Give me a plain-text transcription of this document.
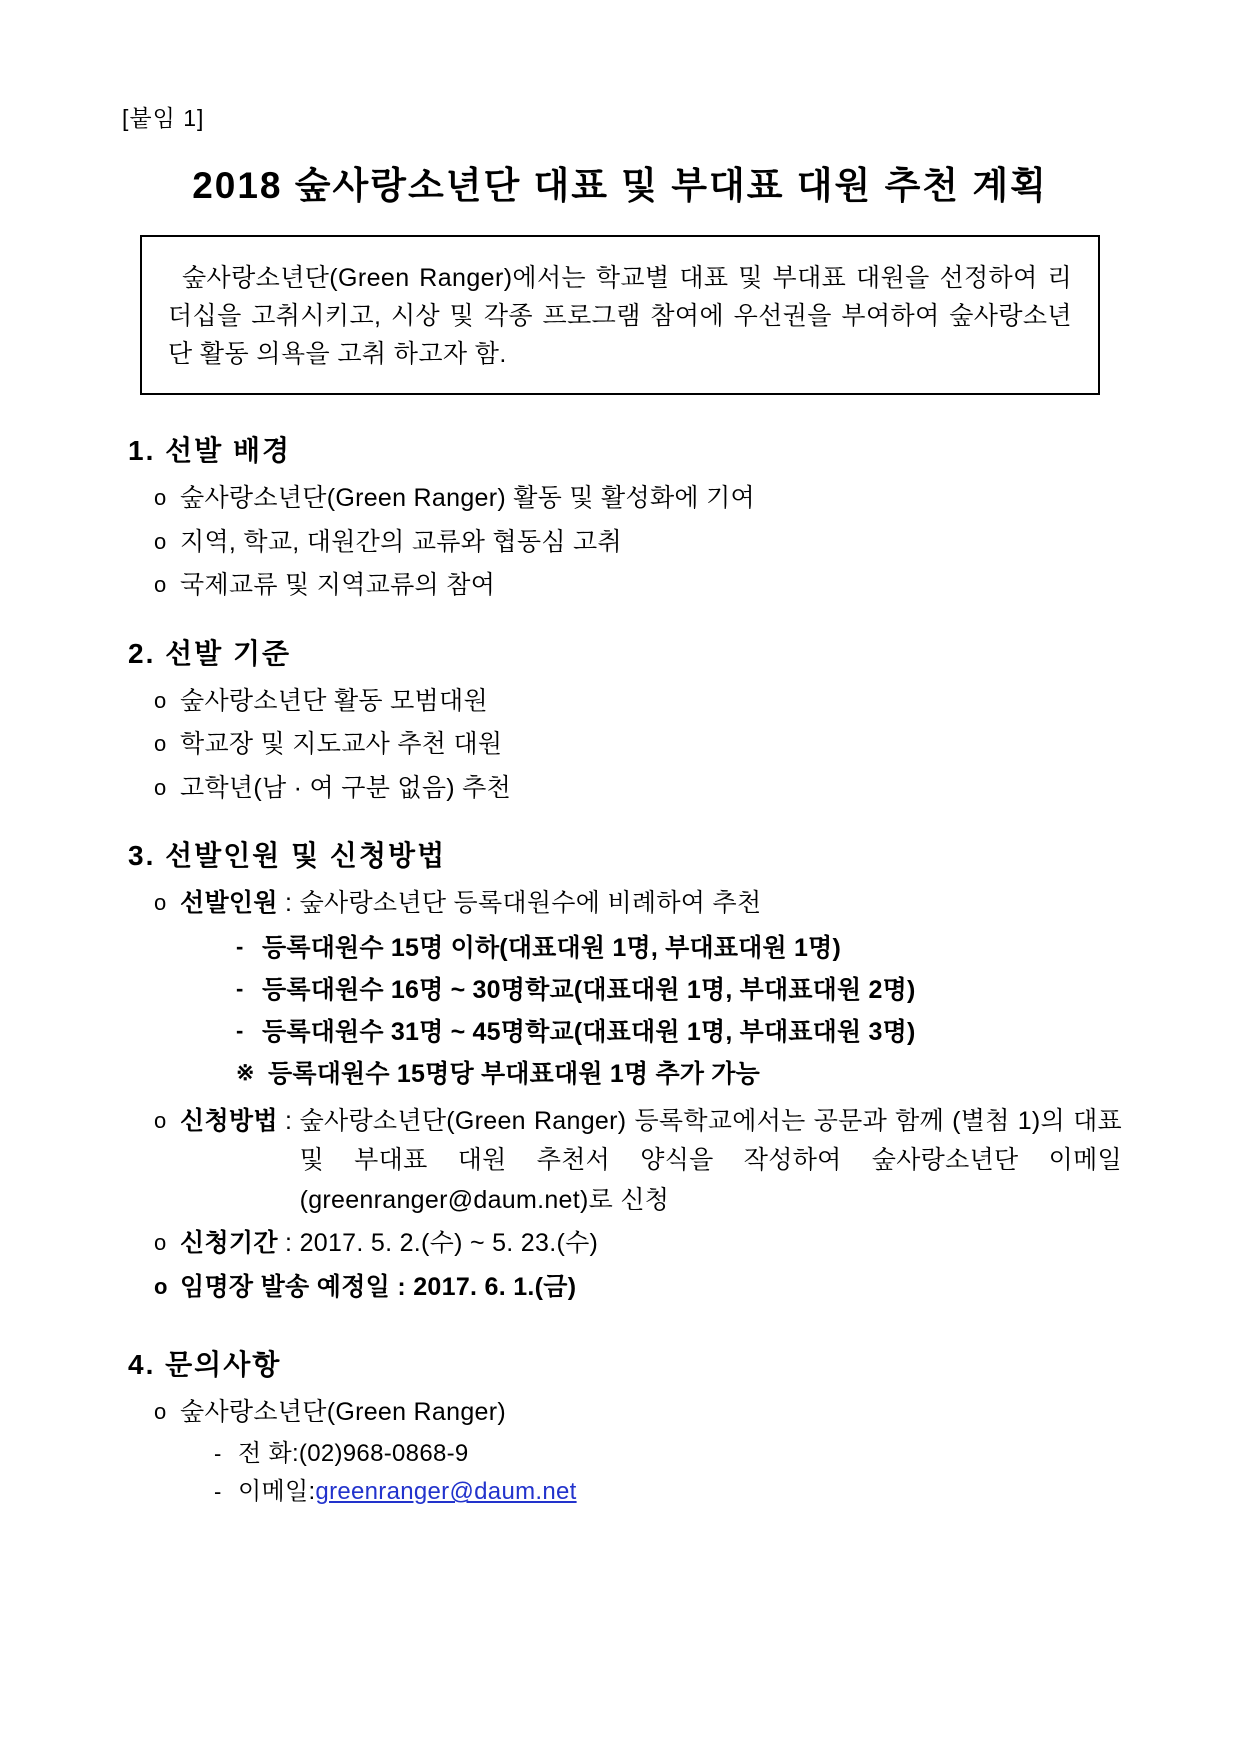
[붙임 1]
2018 숲사랑소년단 대표 및 부대표 대원 추천 계획

숲사랑소년단(Green Ranger)에서는 학교별 대표 및 부대표 대원을 선정하여 리더십을 고취시키고, 시상 및 각종 프로그램 참여에 우선권을 부여하여 숲사랑소년단 활동 의욕을 고취 하고자 함.

1. 선발 배경
o 숲사랑소년단(Green Ranger) 활동 및 활성화에 기여
o 지역, 학교, 대원간의 교류와 협동심 고취
o 국제교류 및 지역교류의 참여
2. 선발 기준
o 숲사랑소년단 활동 모범대원
o 학교장 및 지도교사 추천 대원
o 고학년(남 · 여 구분 없음) 추천
3. 선발인원 및 신청방법
o 선발인원 : 숲사랑소년단 등록대원수에 비례하여 추천
- 등록대원수 15명 이하(대표대원 1명, 부대표대원 1명)
- 등록대원수 16명 ~ 30명학교(대표대원 1명, 부대표대원 2명)
- 등록대원수 31명 ~ 45명학교(대표대원 1명, 부대표대원 3명)
※ 등록대원수 15명당 부대표대원 1명 추가 가능
o 신청방법 : 숲사랑소년단(Green Ranger) 등록학교에서는 공문과 함께 (별첨 1)의 대표 및 부대표 대원 추천서 양식을 작성하여 숲사랑소년단 이메일(greenranger@daum.net)로 신청
o 신청기간 : 2017. 5. 2.(수) ~ 5. 23.(수)
o 임명장 발송 예정일 : 2017. 6. 1.(금)
4. 문의사항
o 숲사랑소년단(Green Ranger)
- 전 화 : (02)968-0868-9
- 이메일 : greenranger@daum.net
